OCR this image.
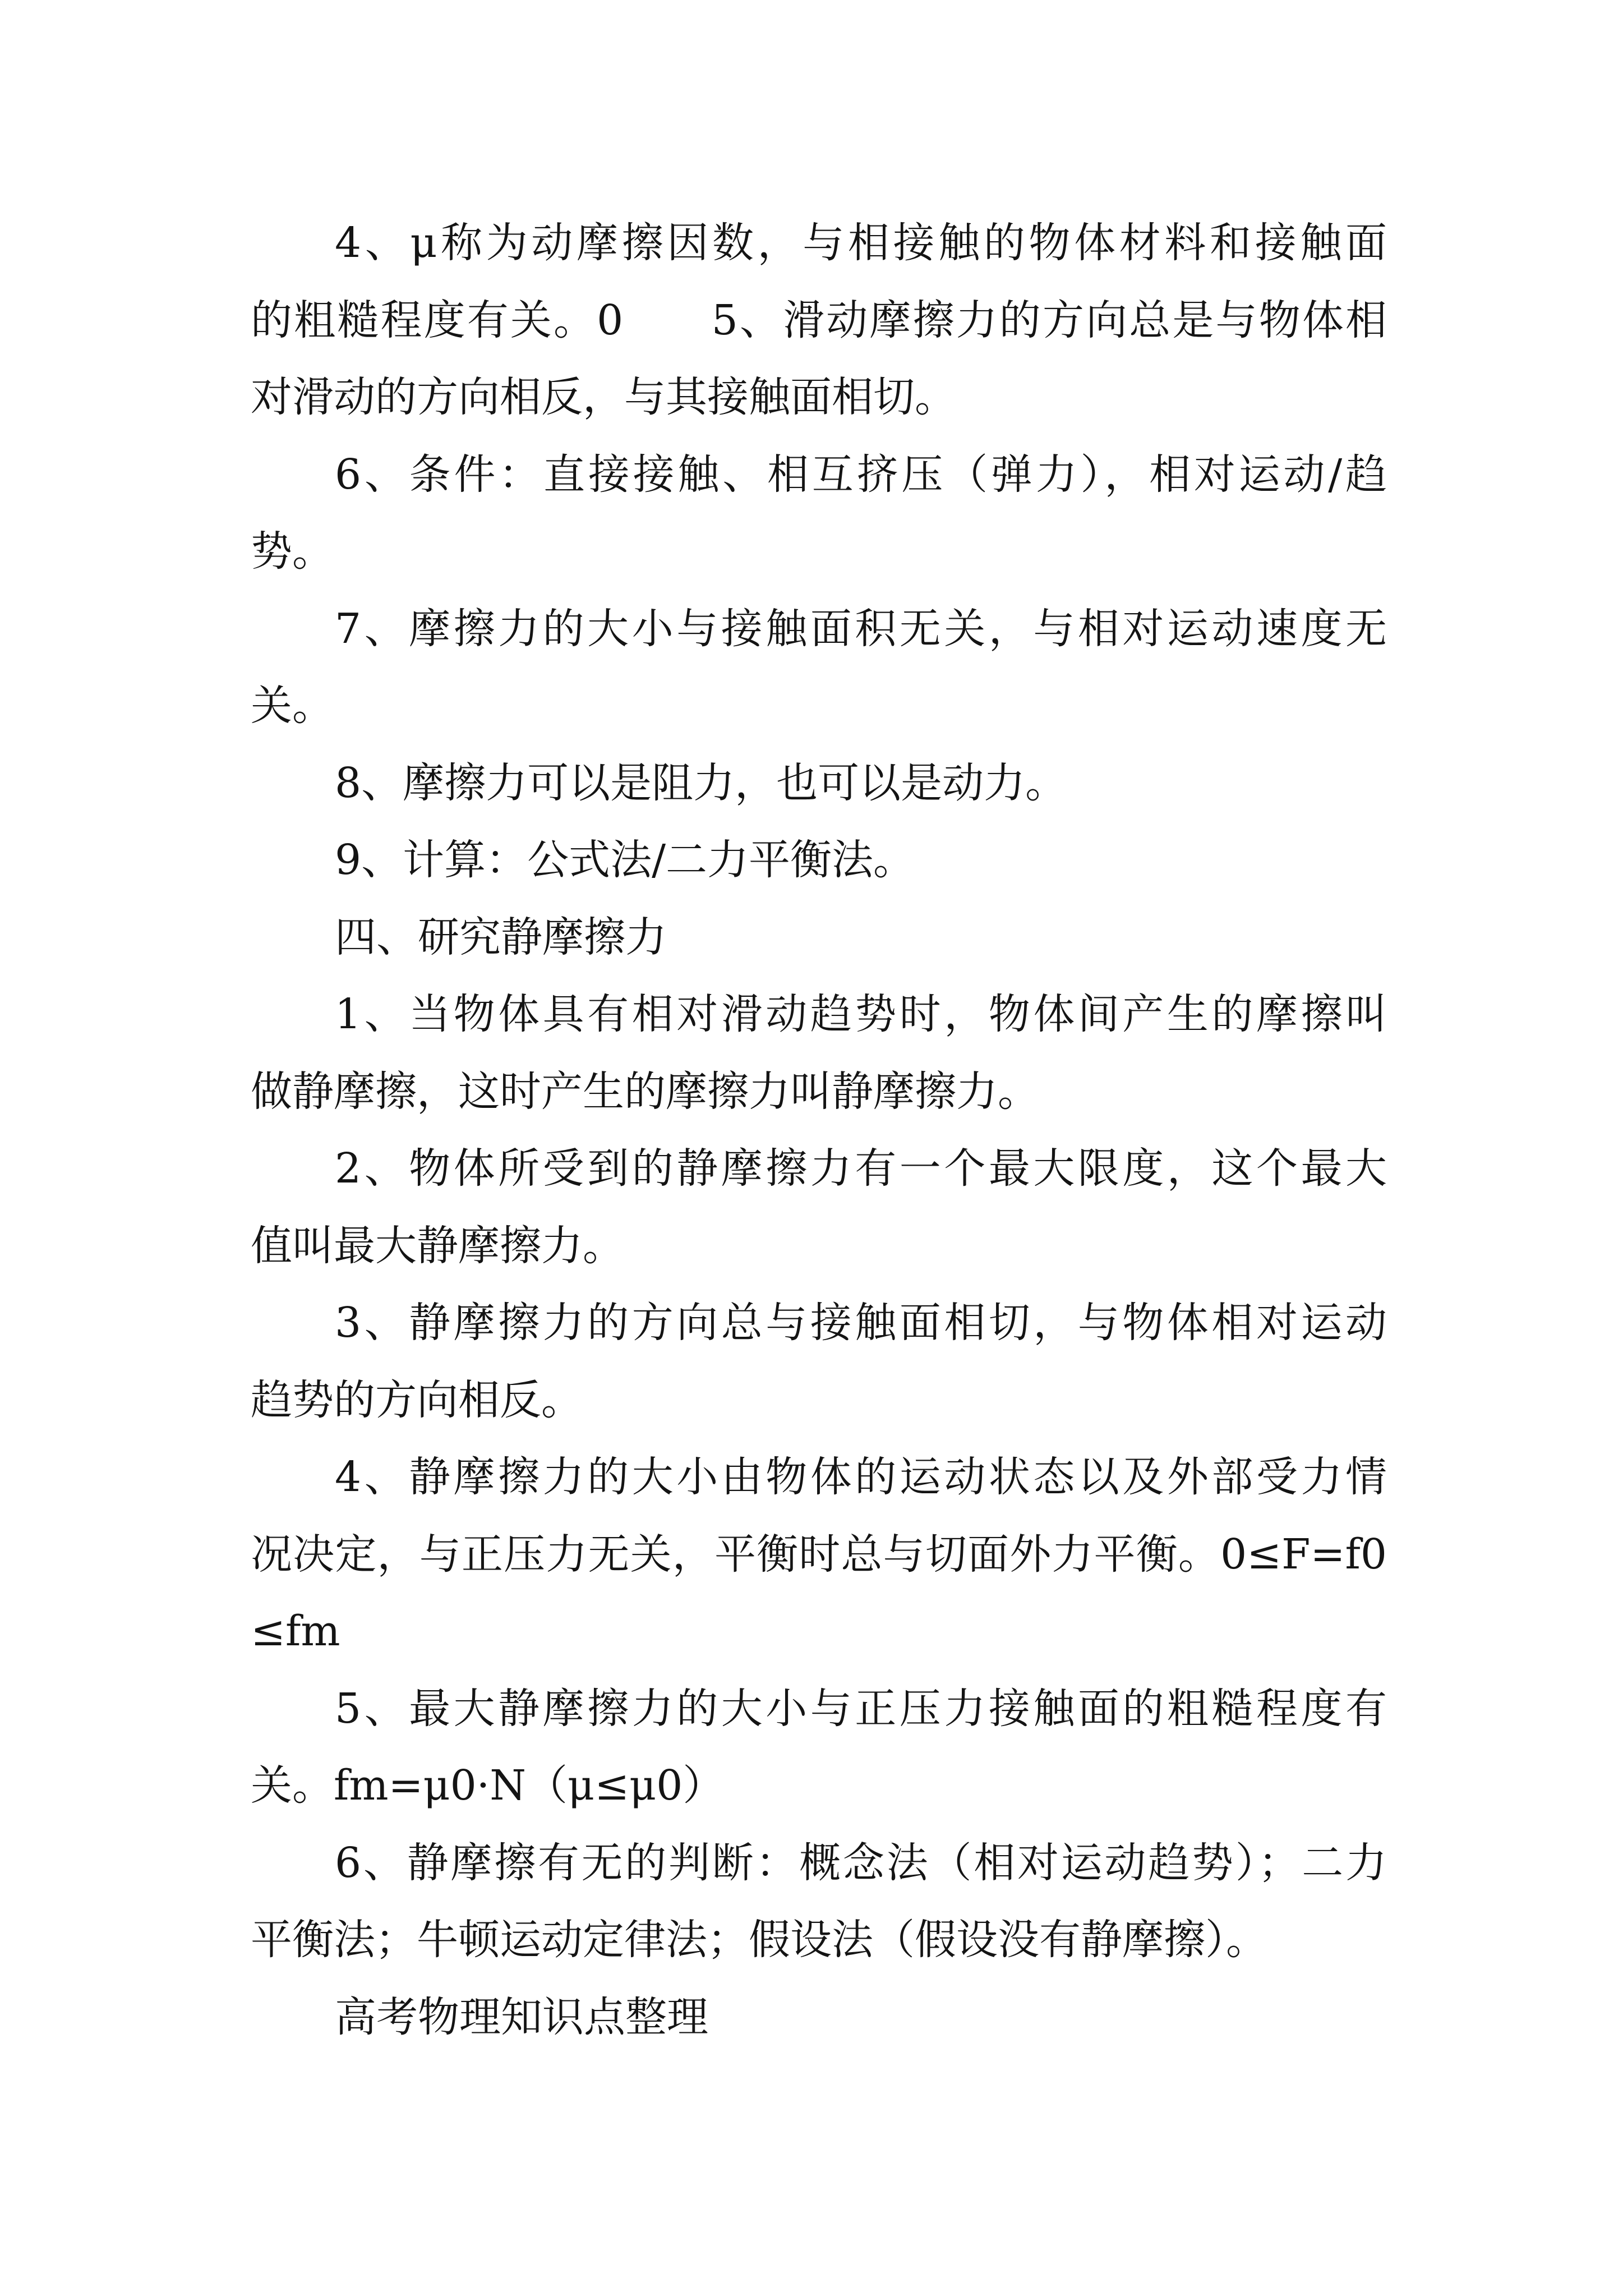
4、μ称为动摩擦因数，与相接触的物体材料和接触面
的粗糙程度有关。0　　5、滑动摩擦力的方向总是与物体相
对滑动的方向相反，与其接触面相切。
6、条件：直接接触、相互挤压（弹力），相对运动/趋
势。
7、摩擦力的大小与接触面积无关，与相对运动速度无
关。
8、摩擦力可以是阻力，也可以是动力。
9、计算：公式法/二力平衡法。
四、研究静摩擦力
1、当物体具有相对滑动趋势时，物体间产生的摩擦叫
做静摩擦，这时产生的摩擦力叫静摩擦力。
2、物体所受到的静摩擦力有一个最大限度，这个最大
值叫最大静摩擦力。
3、静摩擦力的方向总与接触面相切，与物体相对运动
趋势的方向相反。
4、静摩擦力的大小由物体的运动状态以及外部受力情
况决定，与正压力无关，平衡时总与切面外力平衡。0≤F=f0
≤fm
5、最大静摩擦力的大小与正压力接触面的粗糙程度有
关。fm=μ0·N（μ≤μ0）
6、静摩擦有无的判断：概念法（相对运动趋势）；二力
平衡法；牛顿运动定律法；假设法（假设没有静摩擦）。
高考物理知识点整理
